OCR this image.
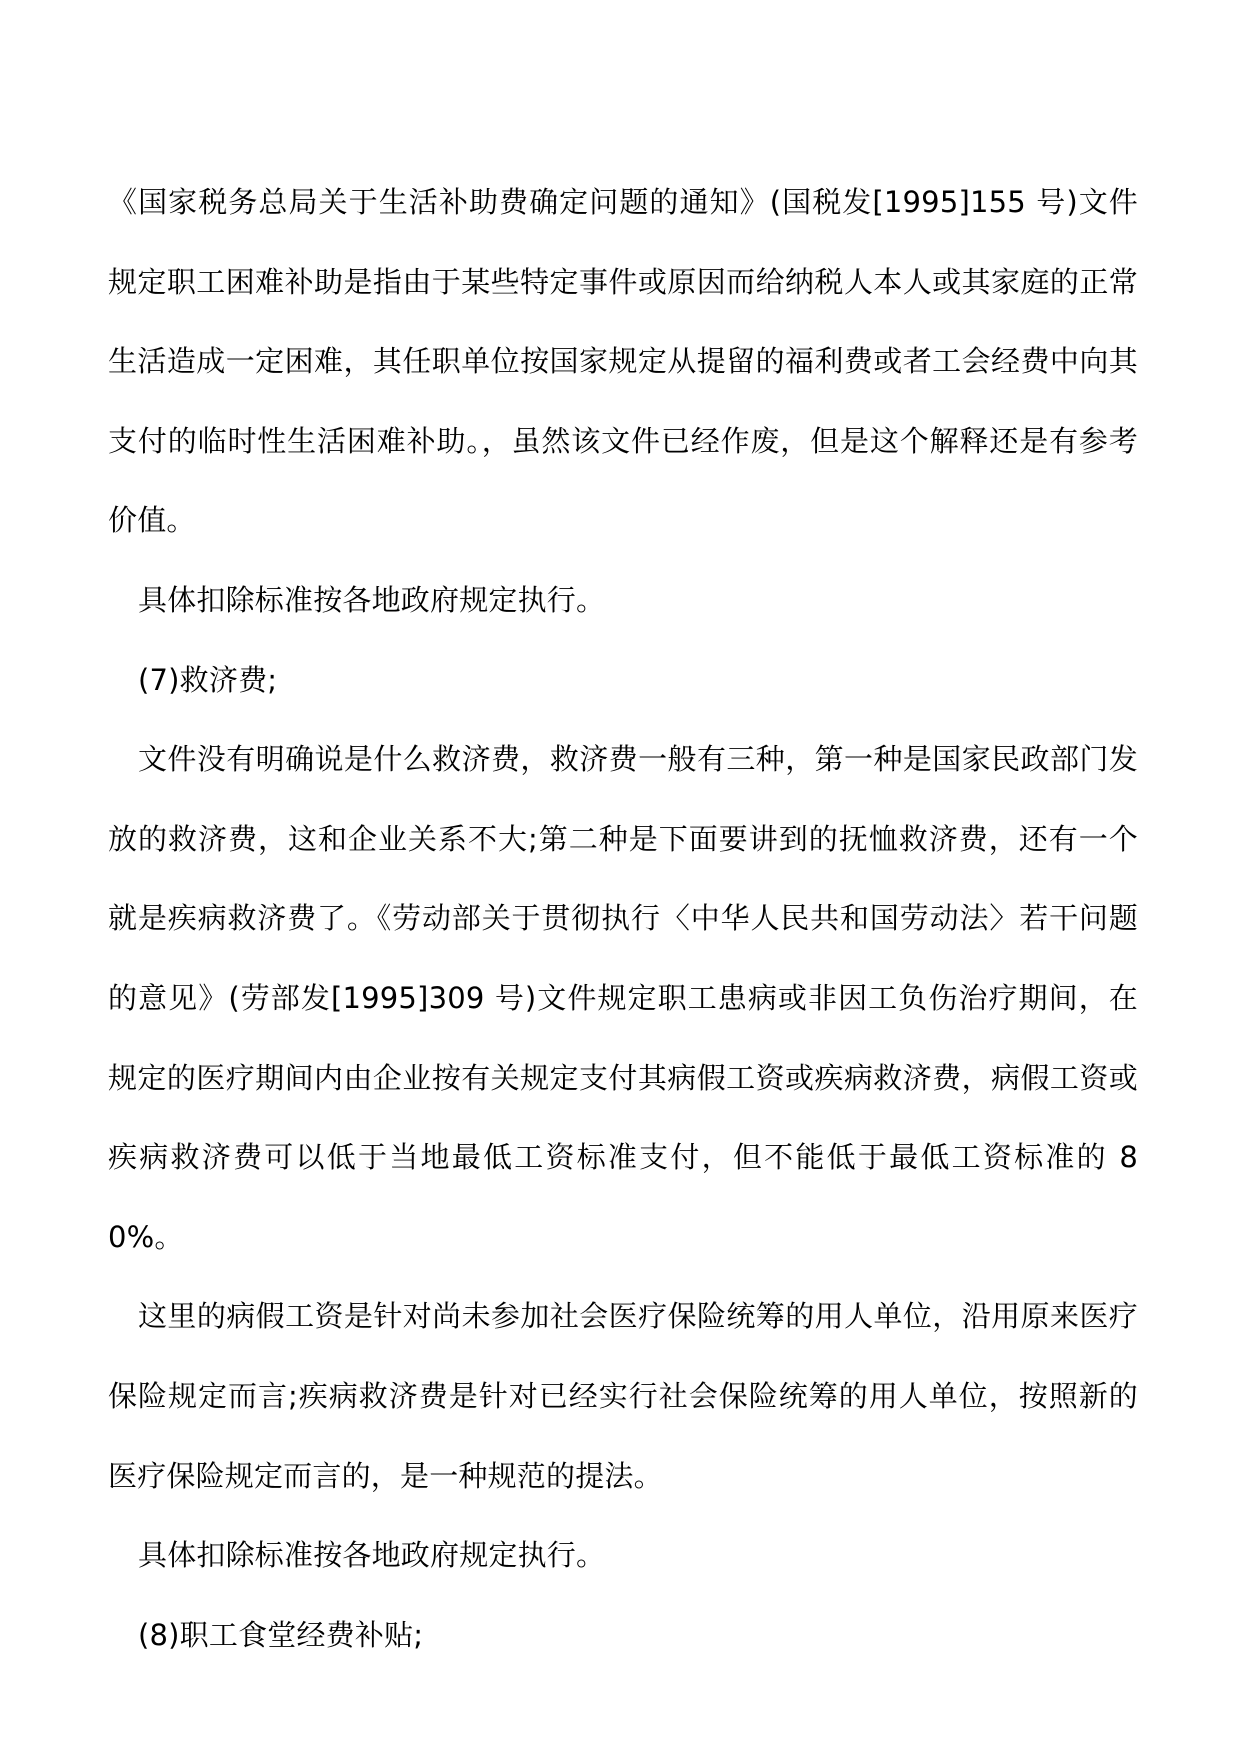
《国家税务总局关于生活补助费确定问题的通知》(国税发[1995]155 号)文件规定职工困难补助是指由于某些特定事件或原因而给纳税人本人或其家庭的正常生活造成一定困难，其任职单位按国家规定从提留的福利费或者工会经费中向其支付的临时性生活困难补助。，虽然该文件已经作废，但是这个解释还是有参考价值。

具体扣除标准按各地政府规定执行。

(7)救济费;

文件没有明确说是什么救济费，救济费一般有三种，第一种是国家民政部门发放的救济费，这和企业关系不大;第二种是下面要讲到的抚恤救济费，还有一个就是疾病救济费了。《劳动部关于贯彻执行〈中华人民共和国劳动法〉若干问题的意见》(劳部发[1995]309 号)文件规定职工患病或非因工负伤治疗期间，在规定的医疗期间内由企业按有关规定支付其病假工资或疾病救济费，病假工资或疾病救济费可以低于当地最低工资标准支付，但不能低于最低工资标准的 80%。

这里的病假工资是针对尚未参加社会医疗保险统筹的用人单位，沿用原来医疗保险规定而言;疾病救济费是针对已经实行社会保险统筹的用人单位，按照新的医疗保险规定而言的，是一种规范的提法。

具体扣除标准按各地政府规定执行。

(8)职工食堂经费补贴;
